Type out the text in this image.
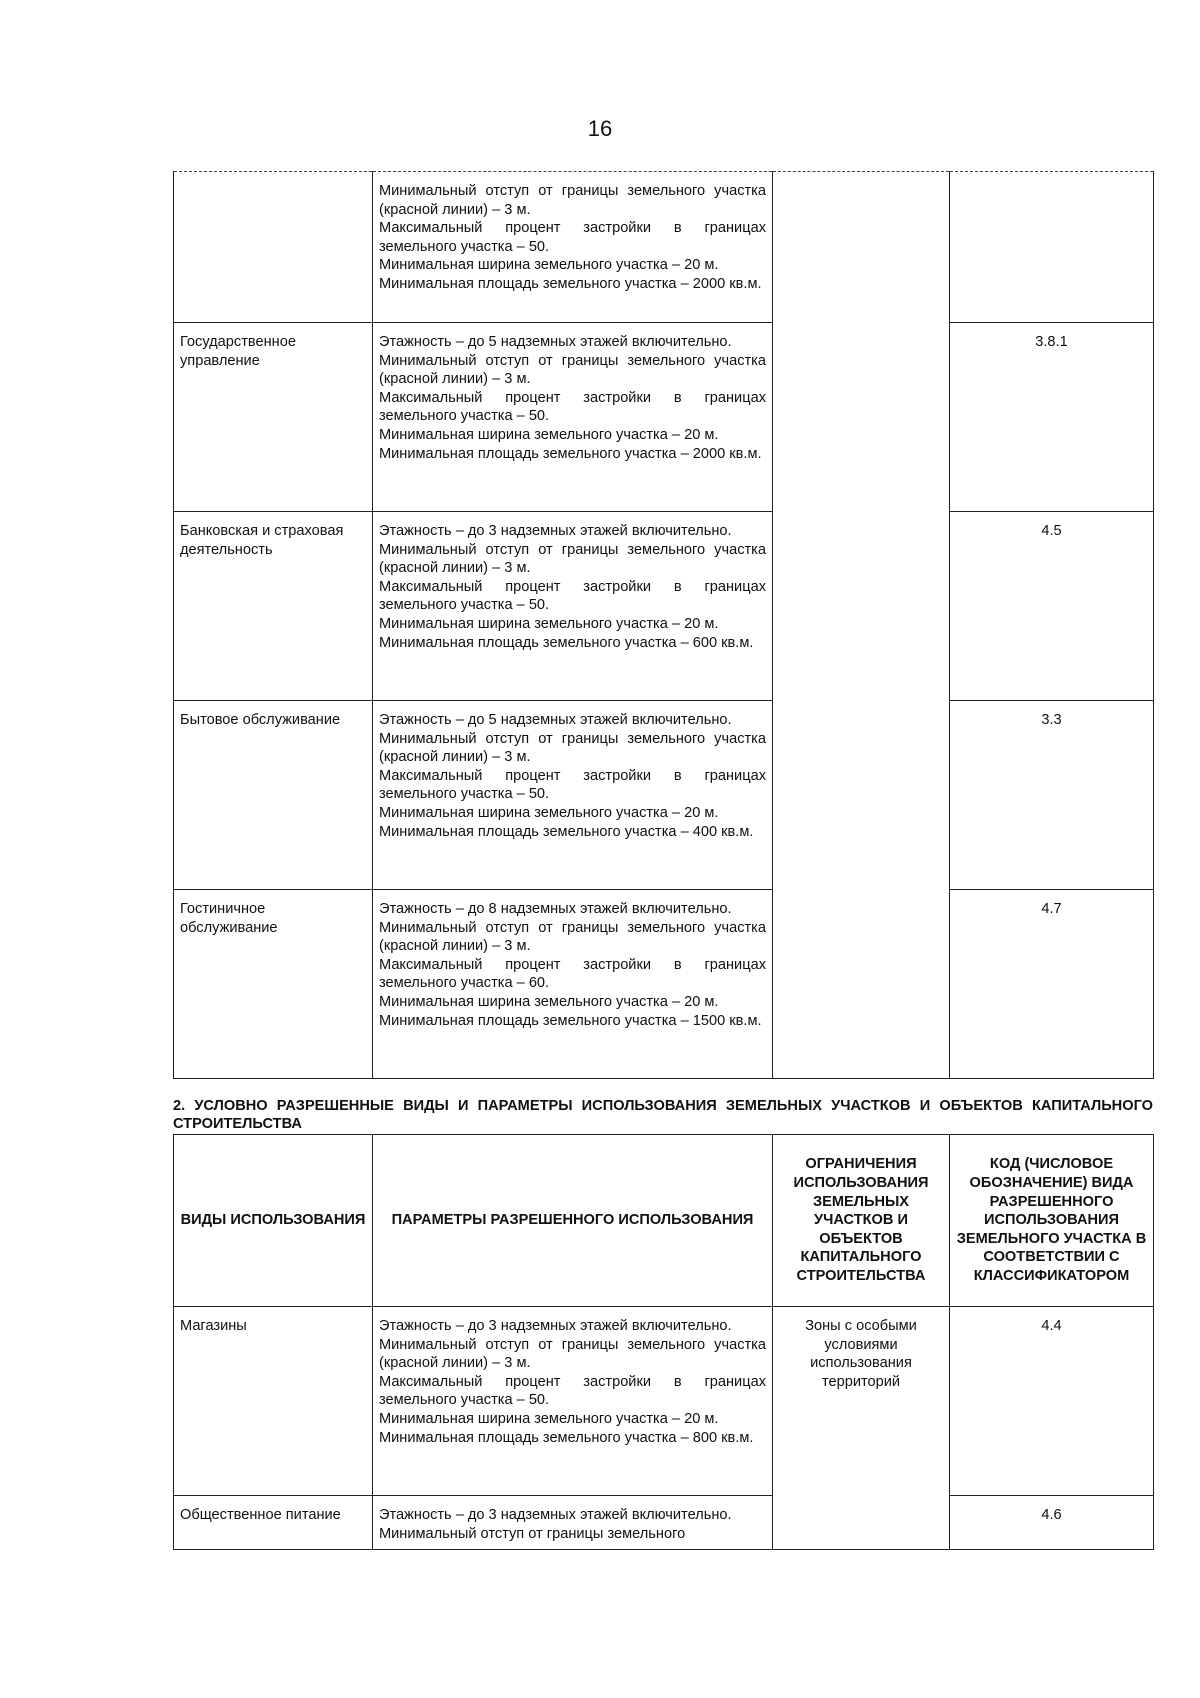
16

	Минимальный отступ от границы земельного участка (красной линии) – 3 м.
Максимальный процент застройки в границах земельного участка – 50.
Минимальная ширина земельного участка – 20 м.
Минимальная площадь земельного участка – 2000 кв.м.		

Государственное управление	Этажность – до 5 надземных этажей включительно.
Минимальный отступ от границы земельного участка (красной линии) – 3 м.
Максимальный процент застройки в границах земельного участка – 50.
Минимальная ширина земельного участка – 20 м.
Минимальная площадь земельного участка – 2000 кв.м.		3.8.1
Банковская и страховая деятельность	Этажность – до 3 надземных этажей включительно.
Минимальный отступ от границы земельного участка (красной линии) – 3 м.
Максимальный процент застройки в границах земельного участка – 50.
Минимальная ширина земельного участка – 20 м.
Минимальная площадь земельного участка – 600 кв.м.		4.5
Бытовое обслуживание	Этажность – до 5 надземных этажей включительно.
Минимальный отступ от границы земельного участка (красной линии) – 3 м.
Максимальный процент застройки в границах земельного участка – 50.
Минимальная ширина земельного участка – 20 м.
Минимальная площадь земельного участка – 400 кв.м.		3.3
Гостиничное обслуживание	Этажность – до 8 надземных этажей включительно.
Минимальный отступ от границы земельного участка (красной линии) – 3 м.
Максимальный процент застройки в границах земельного участка – 60.
Минимальная ширина земельного участка – 20 м.
Минимальная площадь земельного участка – 1500 кв.м.		4.7
2. УСЛОВНО РАЗРЕШЕННЫЕ ВИДЫ И ПАРАМЕТРЫ ИСПОЛЬЗОВАНИЯ ЗЕМЕЛЬНЫХ УЧАСТКОВ И ОБЪЕКТОВ КАПИТАЛЬНОГО СТРОИТЕЛЬСТВА
ВИДЫ ИСПОЛЬЗОВАНИЯ	ПАРАМЕТРЫ РАЗРЕШЕННОГО ИСПОЛЬЗОВАНИЯ	ОГРАНИЧЕНИЯ ИСПОЛЬЗОВАНИЯ ЗЕМЕЛЬНЫХ УЧАСТКОВ И ОБЪЕКТОВ КАПИТАЛЬНОГО СТРОИТЕЛЬСТВА	КОД (ЧИСЛОВОЕ ОБОЗНАЧЕНИЕ) ВИДА РАЗРЕШЕННОГО ИСПОЛЬЗОВАНИЯ ЗЕМЕЛЬНОГО УЧАСТКА В СООТВЕТСТВИИ С КЛАССИФИКАТОРОМ
Магазины	Этажность – до 3 надземных этажей включительно.
Минимальный отступ от границы земельного участка (красной линии) – 3 м.
Максимальный процент застройки в границах земельного участка – 50.
Минимальная ширина земельного участка – 20 м.
Минимальная площадь земельного участка – 800 кв.м.	Зоны с особыми условиями использования территорий	4.4
Общественное питание	Этажность – до 3 надземных этажей включительно.
Минимальный отступ от границы земельного		4.6
